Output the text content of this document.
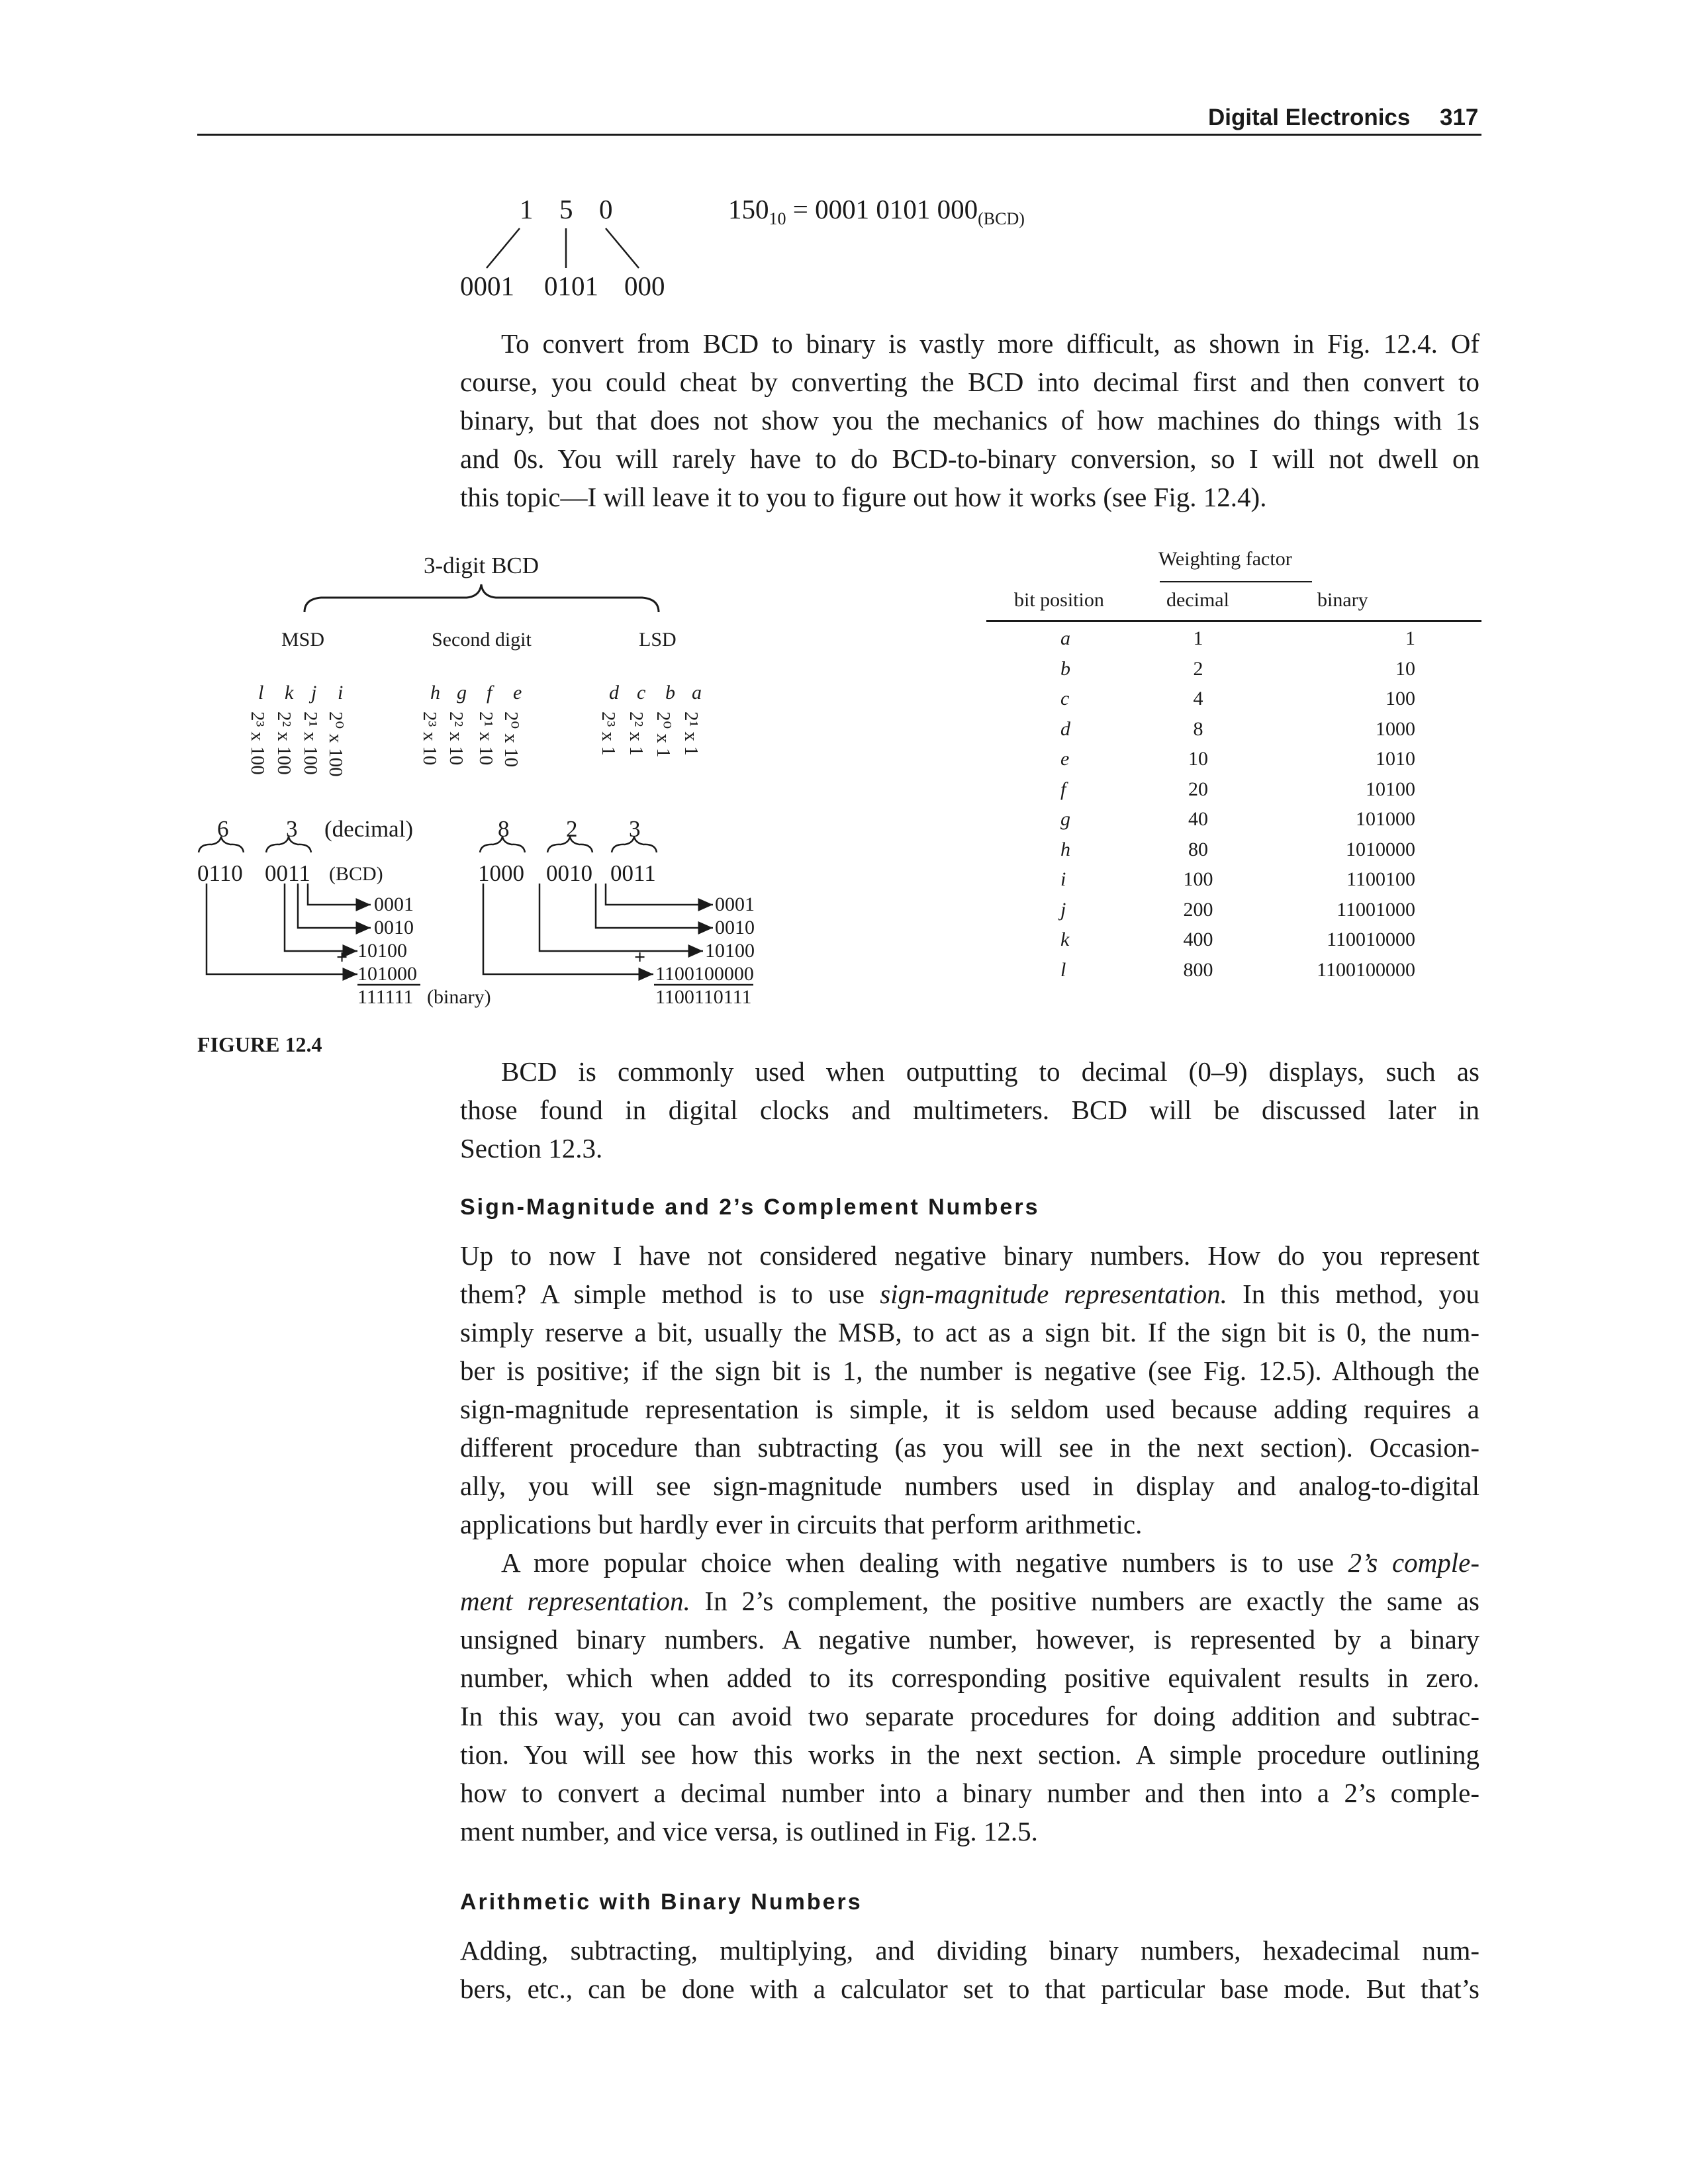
Digital Electronics 317
1 5 0
0001 0101 000
$150_{10} = 0001$ 0101 $000_{(BCD)}$
To convert from BCD to binary is vastly more difficult, as shown in Fig. 12.4. Of
course, you could cheat by converting the BCD into decimal first and then convert to
binary, but that does not show you the mechanics of how machines do things with 1s
and 0s. You will rarely have to do BCD-to-binary conversion, so I will not dwell on
this topic—I will leave it to you to figure out how it works (see Fig. 12.4).
3-digit BCD
MSD	Second digit	LSD
l k j i	h g f e	d c b a
2³ x 100 2² x 100 2¹ x 100 2⁰ x 100	2³ x 10 2² x 10 2¹ x 10 2⁰ x 10	2³ x 1 2² x 1 2⁰ x 1 2¹ x 1
6 3 (decimal)
0110 0011 (BCD)
0001
0010
10100
101000
+
111111 (binary)
8 2 3
1000 0010 0011
0001
0010
10100
1100100000
+
1100110111
FIGURE 12.4
Weighting factor
bit position	decimal	binary
a	1	1
b	2	10
c	4	100
d	8	1000
e	10	1010
f	20	10100
g	40	101000
h	80	1010000
i	100	1100100
j	200	11001000
k	400	110010000
l	800	1100100000
BCD is commonly used when outputting to decimal (0–9) displays, such as
those found in digital clocks and multimeters. BCD will be discussed later in
Section 12.3.
Sign-Magnitude and 2’s Complement Numbers
Up to now I have not considered negative binary numbers. How do you represent
them? A simple method is to use sign-magnitude representation. In this method, you
simply reserve a bit, usually the MSB, to act as a sign bit. If the sign bit is 0, the num-
ber is positive; if the sign bit is 1, the number is negative (see Fig. 12.5). Although the
sign-magnitude representation is simple, it is seldom used because adding requires a
different procedure than subtracting (as you will see in the next section). Occasion-
ally, you will see sign-magnitude numbers used in display and analog-to-digital
applications but hardly ever in circuits that perform arithmetic.
A more popular choice when dealing with negative numbers is to use 2’s comple-
ment representation. In 2’s complement, the positive numbers are exactly the same as
unsigned binary numbers. A negative number, however, is represented by a binary
number, which when added to its corresponding positive equivalent results in zero.
In this way, you can avoid two separate procedures for doing addition and subtrac-
tion. You will see how this works in the next section. A simple procedure outlining
how to convert a decimal number into a binary number and then into a 2’s comple-
ment number, and vice versa, is outlined in Fig. 12.5.
Arithmetic with Binary Numbers
Adding, subtracting, multiplying, and dividing binary numbers, hexadecimal num-
bers, etc., can be done with a calculator set to that particular base mode. But that’s
